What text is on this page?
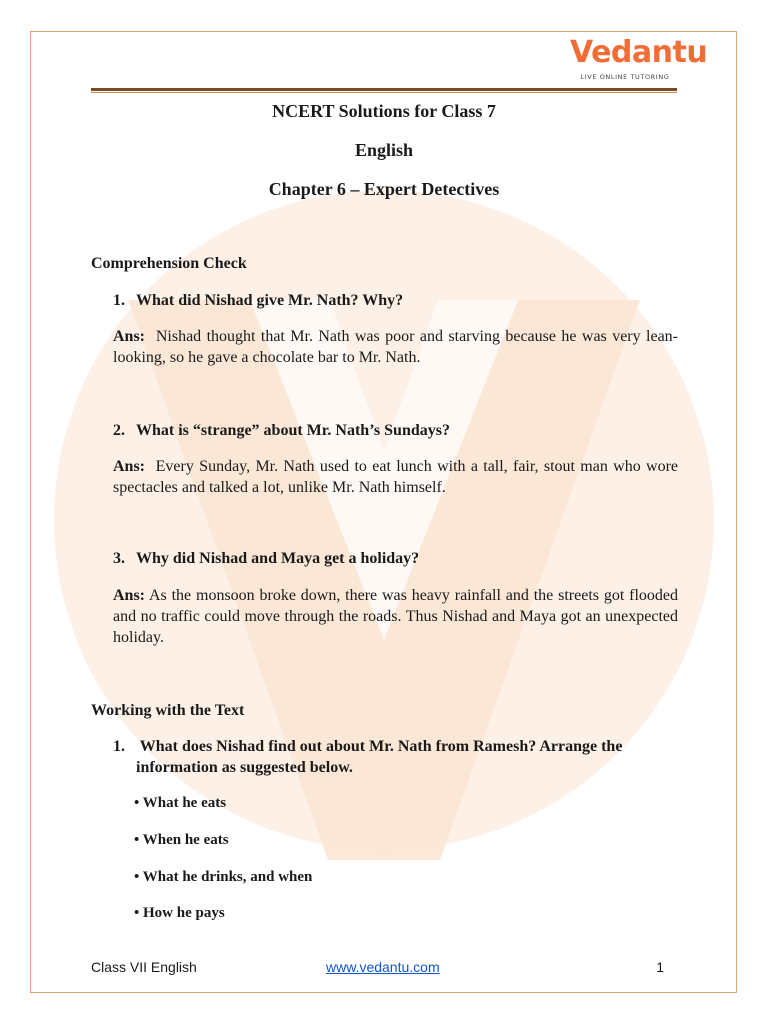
Vedantu
LIVE ONLINE TUTORING

NCERT Solutions for Class 7

English

Chapter 6 – Expert Detectives

Comprehension Check

1. What did Nishad give Mr. Nath? Why?

Ans: Nishad thought that Mr. Nath was poor and starving because he was very lean-looking, so he gave a chocolate bar to Mr. Nath.

2. What is “strange” about Mr. Nath’s Sundays?

Ans: Every Sunday, Mr. Nath used to eat lunch with a tall, fair, stout man who wore spectacles and talked a lot, unlike Mr. Nath himself.

3. Why did Nishad and Maya get a holiday?

Ans: As the monsoon broke down, there was heavy rainfall and the streets got flooded and no traffic could move through the roads. Thus Nishad and Maya got an unexpected holiday.

Working with the Text

1. What does Nishad find out about Mr. Nath from Ramesh? Arrange the
information as suggested below.

• What he eats

• When he eats

• What he drinks, and when

• How he pays

Class VII English	www.vedantu.com	1
